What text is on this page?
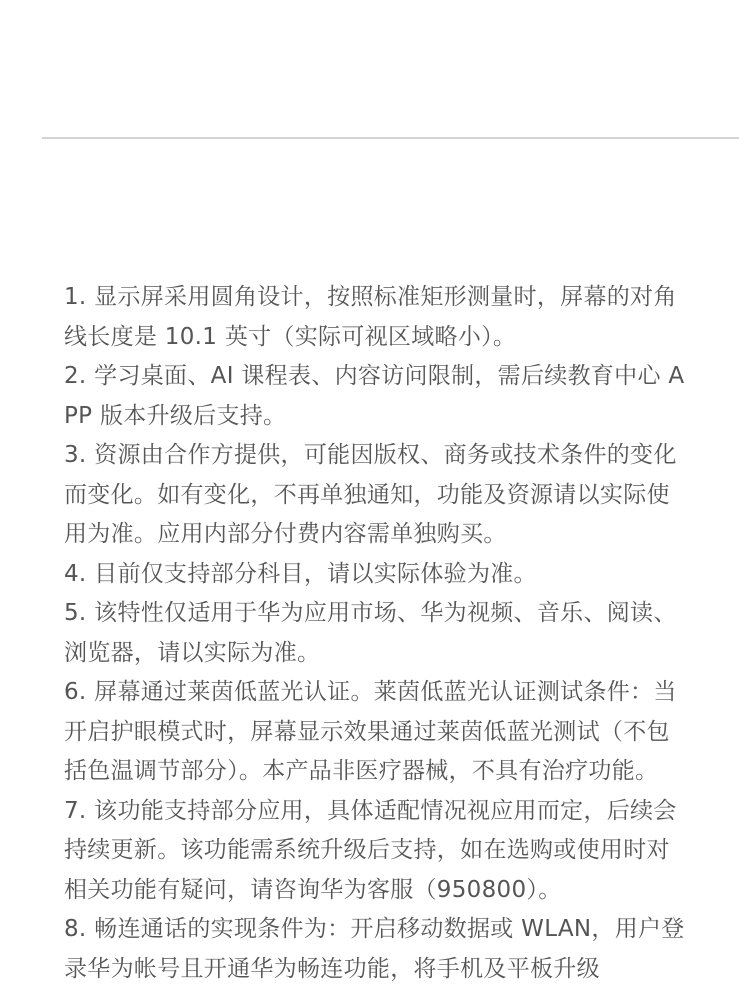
1. 显示屏采用圆角设计，按照标准矩形测量时，屏幕的对角线长度是 10.1 英寸（实际可视区域略小）。
2. 学习桌面、AI 课程表、内容访问限制，需后续教育中心 APP 版本升级后支持。
3. 资源由合作方提供，可能因版权、商务或技术条件的变化而变化。如有变化，不再单独通知，功能及资源请以实际使用为准。应用内部分付费内容需单独购买。
4. 目前仅支持部分科目，请以实际体验为准。
5. 该特性仅适用于华为应用市场、华为视频、音乐、阅读、浏览器，请以实际为准。
6. 屏幕通过莱茵低蓝光认证。莱茵低蓝光认证测试条件：当开启护眼模式时，屏幕显示效果通过莱茵低蓝光测试（不包括色温调节部分）。本产品非医疗器械，不具有治疗功能。
7. 该功能支持部分应用，具体适配情况视应用而定，后续会持续更新。该功能需系统升级后支持，如在选购或使用时对相关功能有疑问，请咨询华为客服（950800）。
8. 畅连通话的实现条件为：开启移动数据或 WLAN，用户登录华为帐号且开通华为畅连功能，将手机及平板升级
